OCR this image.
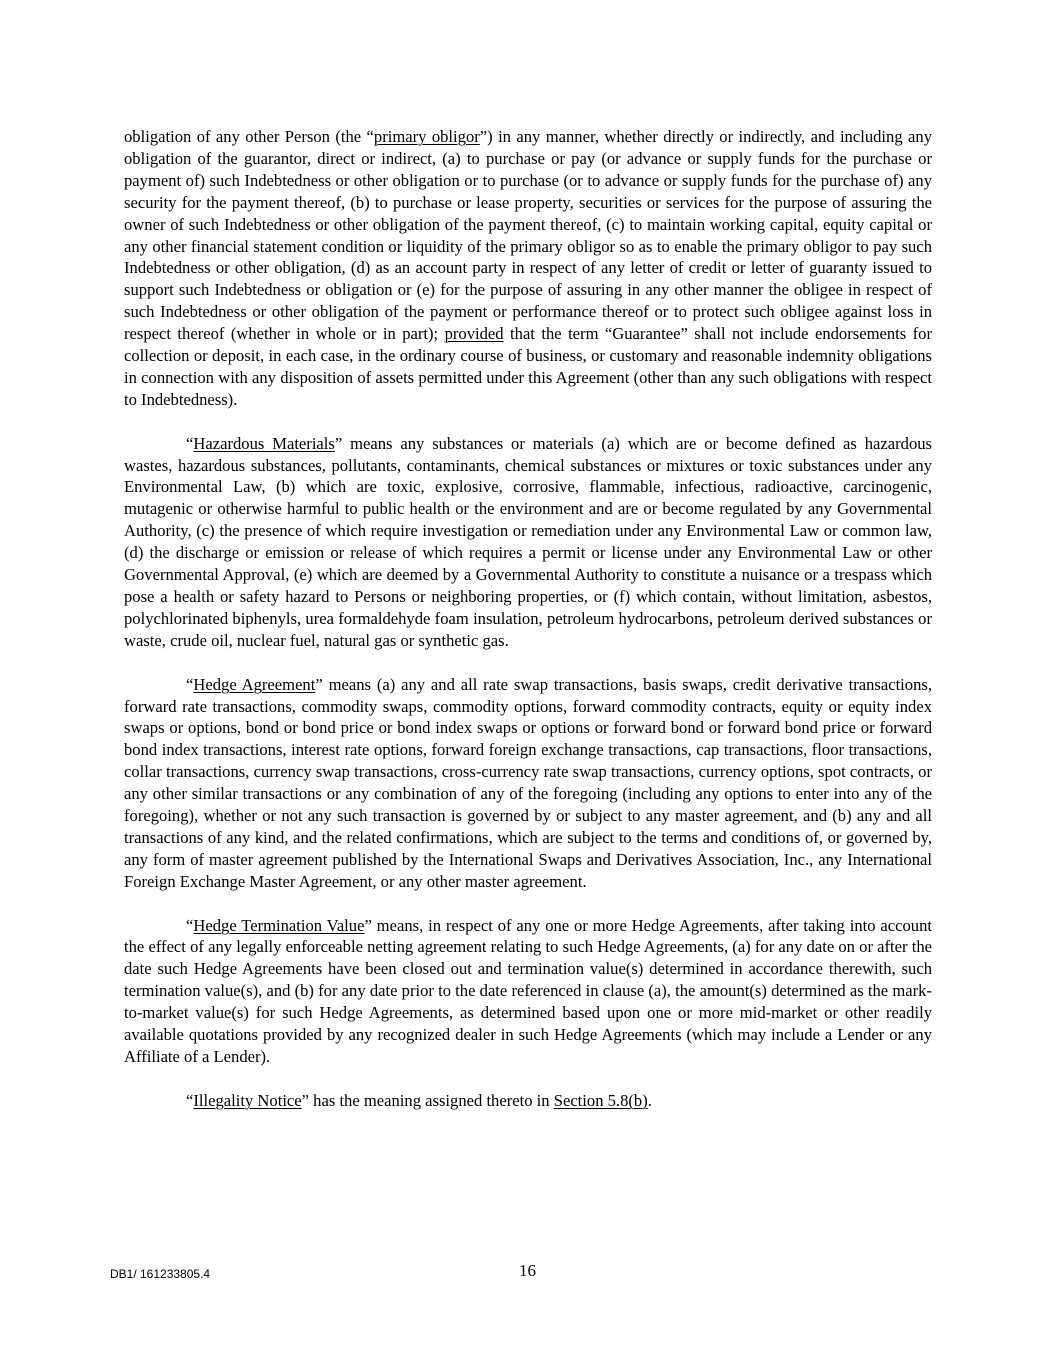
obligation of any other Person (the “primary obligor”) in any manner, whether directly or indirectly, and including any obligation of the guarantor, direct or indirect, (a) to purchase or pay (or advance or supply funds for the purchase or payment of) such Indebtedness or other obligation or to purchase (or to advance or supply funds for the purchase of) any security for the payment thereof, (b) to purchase or lease property, securities or services for the purpose of assuring the owner of such Indebtedness or other obligation of the payment thereof, (c) to maintain working capital, equity capital or any other financial statement condition or liquidity of the primary obligor so as to enable the primary obligor to pay such Indebtedness or other obligation, (d) as an account party in respect of any letter of credit or letter of guaranty issued to support such Indebtedness or obligation or (e) for the purpose of assuring in any other manner the obligee in respect of such Indebtedness or other obligation of the payment or performance thereof or to protect such obligee against loss in respect thereof (whether in whole or in part); provided that the term “Guarantee” shall not include endorsements for collection or deposit, in each case, in the ordinary course of business, or customary and reasonable indemnity obligations in connection with any disposition of assets permitted under this Agreement (other than any such obligations with respect to Indebtedness).

“Hazardous Materials” means any substances or materials (a) which are or become defined as hazardous wastes, hazardous substances, pollutants, contaminants, chemical substances or mixtures or toxic substances under any Environmental Law, (b) which are toxic, explosive, corrosive, flammable, infectious, radioactive, carcinogenic, mutagenic or otherwise harmful to public health or the environment and are or become regulated by any Governmental Authority, (c) the presence of which require investigation or remediation under any Environmental Law or common law, (d) the discharge or emission or release of which requires a permit or license under any Environmental Law or other Governmental Approval, (e) which are deemed by a Governmental Authority to constitute a nuisance or a trespass which pose a health or safety hazard to Persons or neighboring properties, or (f) which contain, without limitation, asbestos, polychlorinated biphenyls, urea formaldehyde foam insulation, petroleum hydrocarbons, petroleum derived substances or waste, crude oil, nuclear fuel, natural gas or synthetic gas.

“Hedge Agreement” means (a) any and all rate swap transactions, basis swaps, credit derivative transactions, forward rate transactions, commodity swaps, commodity options, forward commodity contracts, equity or equity index swaps or options, bond or bond price or bond index swaps or options or forward bond or forward bond price or forward bond index transactions, interest rate options, forward foreign exchange transactions, cap transactions, floor transactions, collar transactions, currency swap transactions, cross-currency rate swap transactions, currency options, spot contracts, or any other similar transactions or any combination of any of the foregoing (including any options to enter into any of the foregoing), whether or not any such transaction is governed by or subject to any master agreement, and (b) any and all transactions of any kind, and the related confirmations, which are subject to the terms and conditions of, or governed by, any form of master agreement published by the International Swaps and Derivatives Association, Inc., any International Foreign Exchange Master Agreement, or any other master agreement.

“Hedge Termination Value” means, in respect of any one or more Hedge Agreements, after taking into account the effect of any legally enforceable netting agreement relating to such Hedge Agreements, (a) for any date on or after the date such Hedge Agreements have been closed out and termination value(s) determined in accordance therewith, such termination value(s), and (b) for any date prior to the date referenced in clause (a), the amount(s) determined as the mark-to-market value(s) for such Hedge Agreements, as determined based upon one or more mid-market or other readily available quotations provided by any recognized dealer in such Hedge Agreements (which may include a Lender or any Affiliate of a Lender).

“Illegality Notice” has the meaning assigned thereto in Section 5.8(b).

DB1/ 161233805.4	16
